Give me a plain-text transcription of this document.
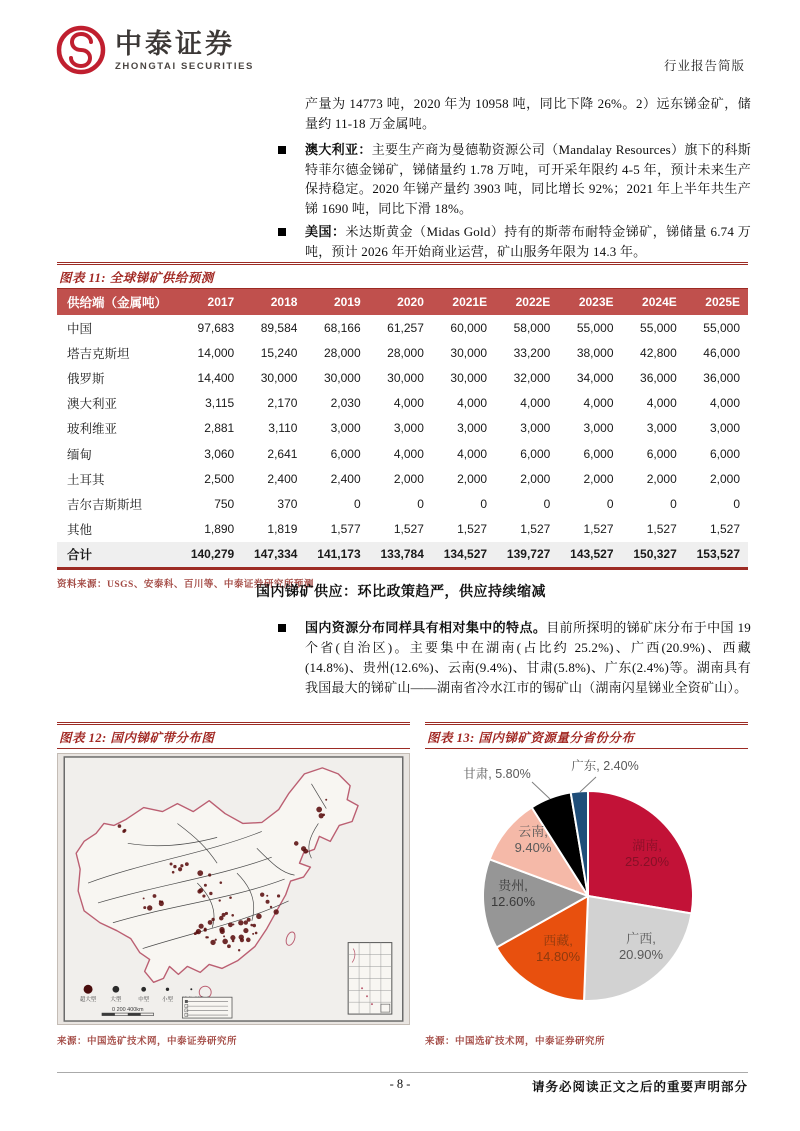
中泰证券
ZHONGTAI SECURITIES	行业报告简版
产量为 14773 吨，2020 年为 10958 吨，同比下降 26%。2）远东锑金矿，储量约 11-18 万金属吨。
澳大利亚：主要生产商为曼德勒资源公司（Mandalay Resources）旗下的科斯特菲尔德金锑矿，锑储量约 1.78 万吨，可开采年限约 4-5 年，预计未来生产保持稳定。2020 年锑产量约 3903 吨，同比增长 92%；2021 年上半年共生产锑 1690 吨，同比下滑 18%。
美国：米达斯黄金（Midas Gold）持有的斯蒂布耐特金锑矿，锑储量 6.74 万吨，预计 2026 年开始商业运营，矿山服务年限为 14.3 年。
图表 11: 全球锑矿供给预测
供给端（金属吨）	2017	2018	2019	2020	2021E	2022E	2023E	2024E	2025E
中国	97,683	89,584	68,166	61,257	60,000	58,000	55,000	55,000	55,000
塔吉克斯坦	14,000	15,240	28,000	28,000	30,000	33,200	38,000	42,800	46,000
俄罗斯	14,400	30,000	30,000	30,000	30,000	32,000	34,000	36,000	36,000
澳大利亚	3,115	2,170	2,030	4,000	4,000	4,000	4,000	4,000	4,000
玻利维亚	2,881	3,110	3,000	3,000	3,000	3,000	3,000	3,000	3,000
缅甸	3,060	2,641	6,000	4,000	4,000	6,000	6,000	6,000	6,000
土耳其	2,500	2,400	2,400	2,000	2,000	2,000	2,000	2,000	2,000
吉尔吉斯斯坦	750	370	0	0	0	0	0	0	0
其他	1,890	1,819	1,577	1,527	1,527	1,527	1,527	1,527	1,527
合计	140,279	147,334	141,173	133,784	134,527	139,727	143,527	150,327	153,527
资料来源：USGS、安泰科、百川等、中泰证券研究所预测
国内锑矿供应：环比政策趋严，供应持续缩减
国内资源分布同样具有相对集中的特点。目前所探明的锑矿床分布于中国 19 个省(自治区)。主要集中在湖南(占比约 25.2%)、广西(20.9%)、西藏(14.8%)、贵州(12.6%)、云南(9.4%)、甘肃(5.8%)、广东(2.4%)等。湖南具有我国最大的锑矿山——湖南省冷水江市的锡矿山（湖南闪星锑业全资矿山）。
图表 12: 国内锑矿带分布图
超大型	大型	中型 小型
0 200 400km
来源：中国选矿技术网，中泰证券研究所
图表 13: 国内锑矿资源量分省份分布
湖南, 25.20%
广西, 20.90%
西藏, 14.80%
贵州, 12.60%
云南, 9.40%
甘肃, 5.80%
广东, 2.40%
来源：中国选矿技术网，中泰证券研究所
- 8 -	请务必阅读正文之后的重要声明部分
